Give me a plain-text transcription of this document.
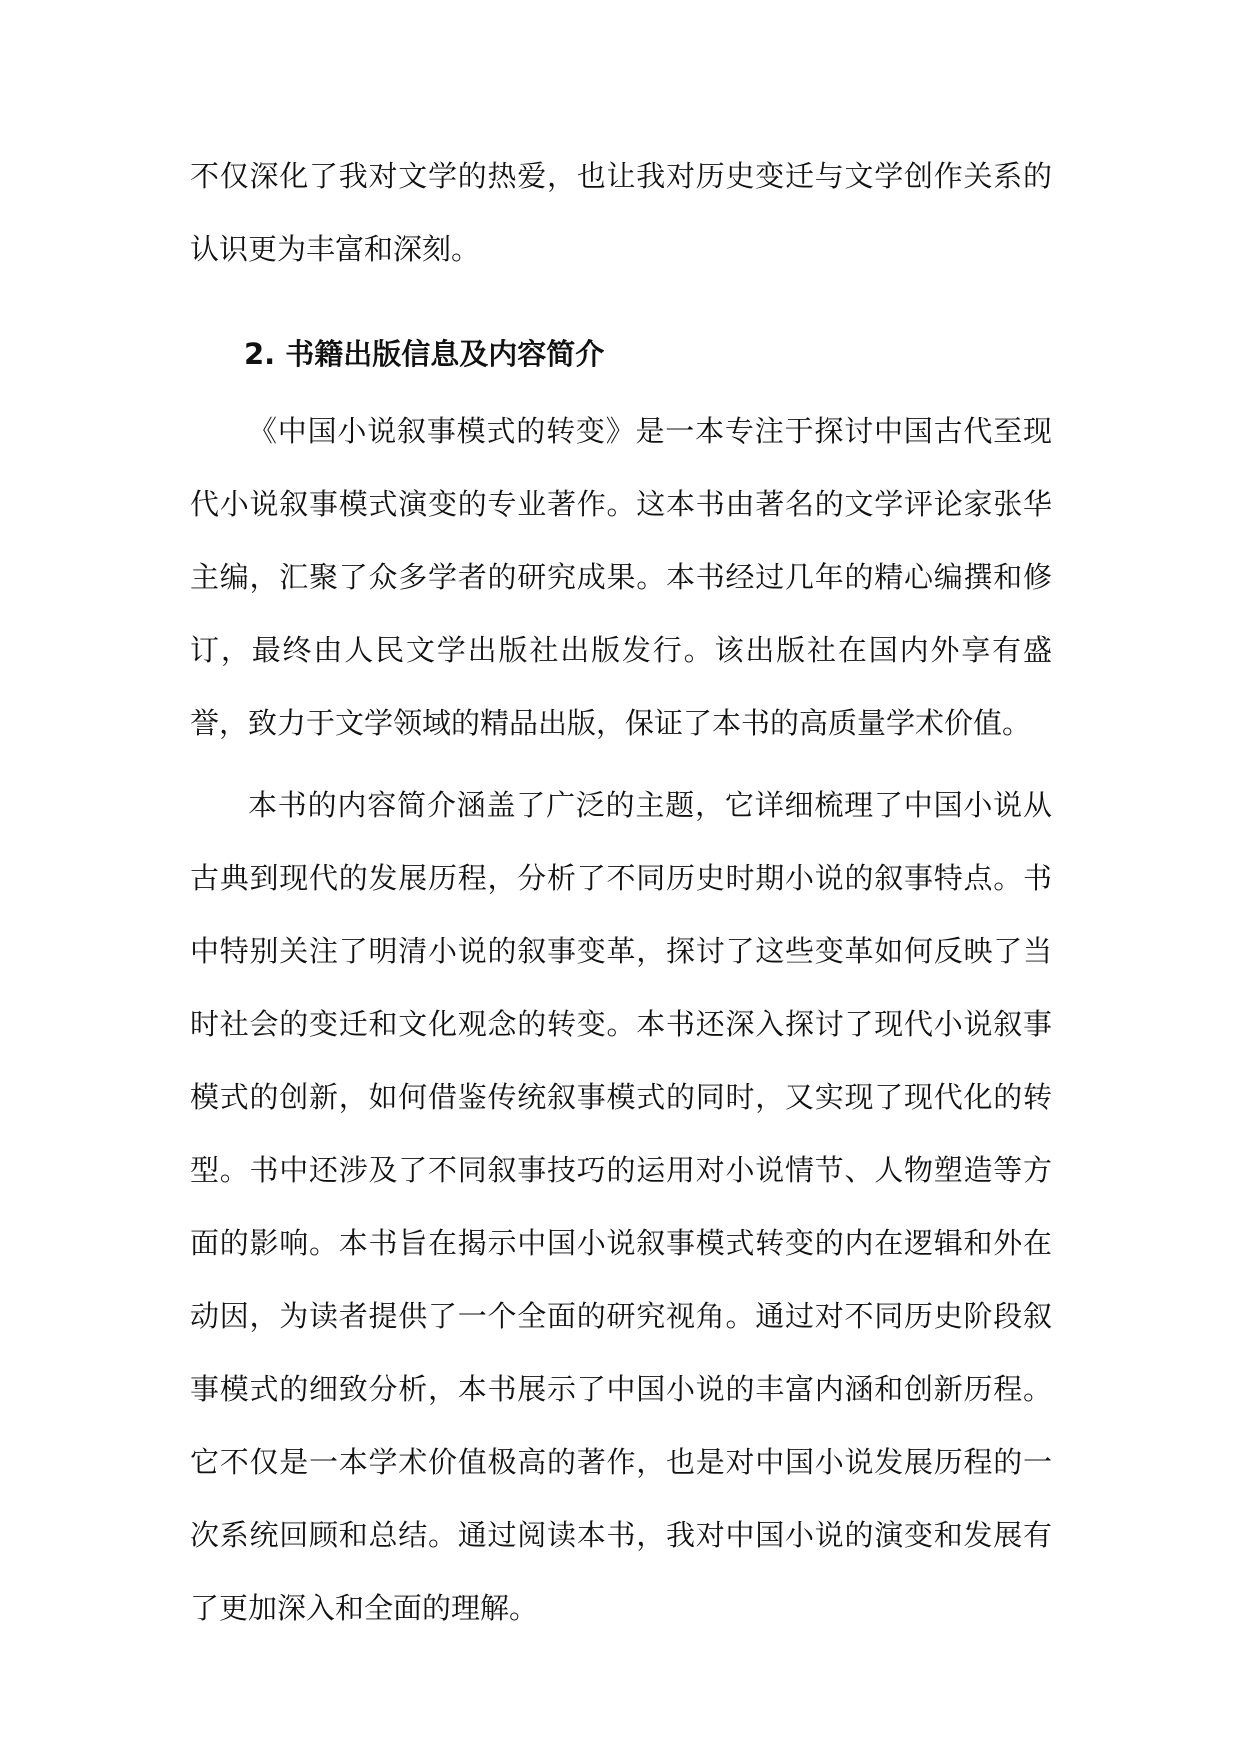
不仅深化了我对文学的热爱，也让我对历史变迁与文学创作关系的认识更为丰富和深刻。

2. 书籍出版信息及内容简介

《中国小说叙事模式的转变》是一本专注于探讨中国古代至现代小说叙事模式演变的专业著作。这本书由著名的文学评论家张华主编，汇聚了众多学者的研究成果。本书经过几年的精心编撰和修订，最终由人民文学出版社出版发行。该出版社在国内外享有盛誉，致力于文学领域的精品出版，保证了本书的高质量学术价值。

本书的内容简介涵盖了广泛的主题，它详细梳理了中国小说从古典到现代的发展历程，分析了不同历史时期小说的叙事特点。书中特别关注了明清小说的叙事变革，探讨了这些变革如何反映了当时社会的变迁和文化观念的转变。本书还深入探讨了现代小说叙事模式的创新，如何借鉴传统叙事模式的同时，又实现了现代化的转型。书中还涉及了不同叙事技巧的运用对小说情节、人物塑造等方面的影响。本书旨在揭示中国小说叙事模式转变的内在逻辑和外在动因，为读者提供了一个全面的研究视角。通过对不同历史阶段叙事模式的细致分析，本书展示了中国小说的丰富内涵和创新历程。它不仅是一本学术价值极高的著作，也是对中国小说发展历程的一次系统回顾和总结。通过阅读本书，我对中国小说的演变和发展有了更加深入和全面的理解。
